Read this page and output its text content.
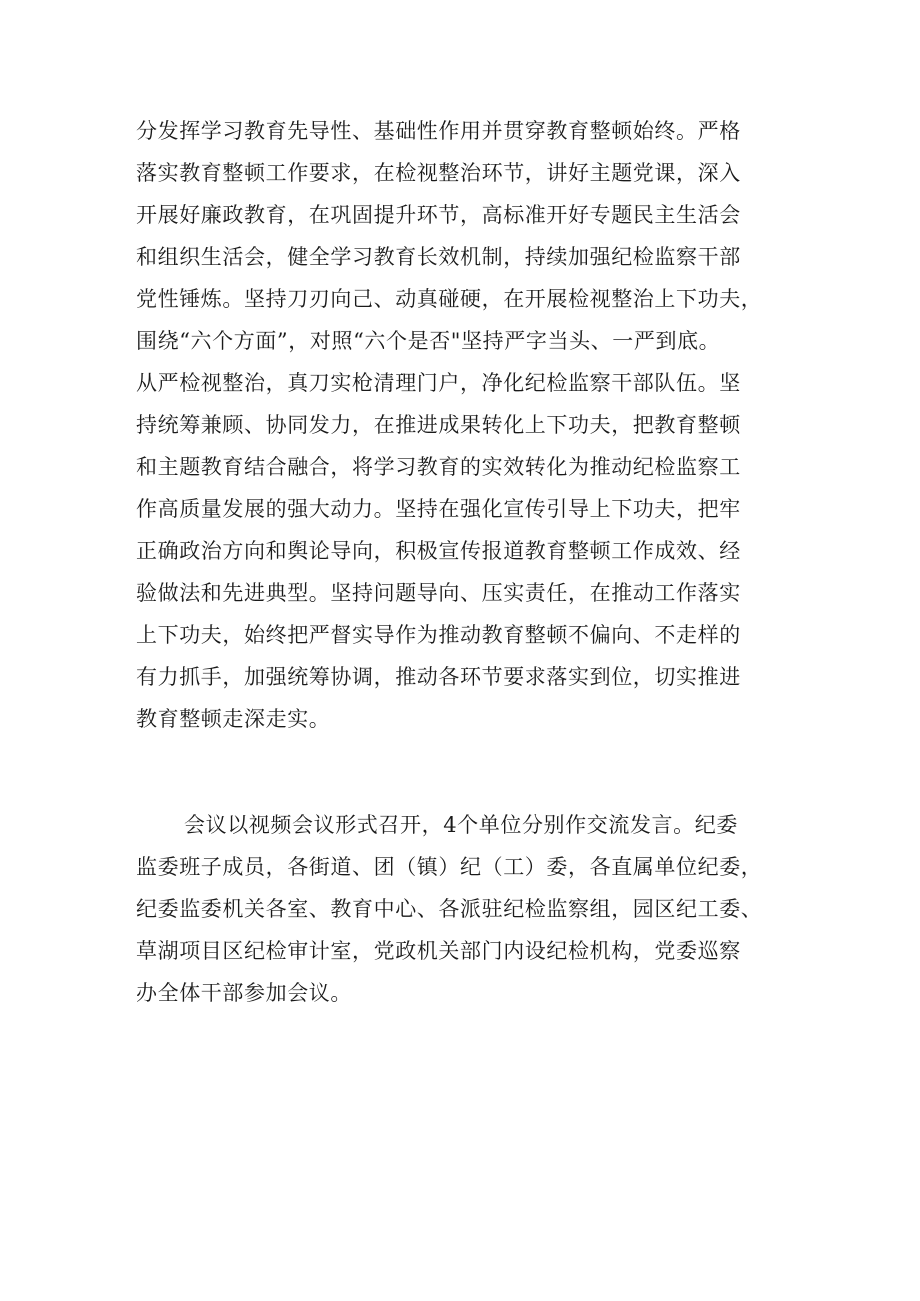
分发挥学习教育先导性、基础性作用并贯穿教育整顿始终。严格
落实教育整顿工作要求，在检视整治环节，讲好主题党课，深入
开展好廉政教育，在巩固提升环节，高标准开好专题民主生活会
和组织生活会，健全学习教育长效机制，持续加强纪检监察干部
党性锤炼。坚持刀刃向己、动真碰硬，在开展检视整治上下功夫，
围绕“六个方面”，对照“六个是否"坚持严字当头、一严到底。
从严检视整治，真刀实枪清理门户，净化纪检监察干部队伍。坚
持统筹兼顾、协同发力，在推进成果转化上下功夫，把教育整顿
和主题教育结合融合，将学习教育的实效转化为推动纪检监察工
作高质量发展的强大动力。坚持在强化宣传引导上下功夫，把牢
正确政治方向和舆论导向，积极宣传报道教育整顿工作成效、经
验做法和先进典型。坚持问题导向、压实责任，在推动工作落实
上下功夫，始终把严督实导作为推动教育整顿不偏向、不走样的
有力抓手，加强统筹协调，推动各环节要求落实到位，切实推进
教育整顿走深走实。
会议以视频会议形式召开，4个单位分别作交流发言。纪委
监委班子成员，各街道、团（镇）纪（工）委，各直属单位纪委，
纪委监委机关各室、教育中心、各派驻纪检监察组，园区纪工委、
草湖项目区纪检审计室，党政机关部门内设纪检机构，党委巡察
办全体干部参加会议。
